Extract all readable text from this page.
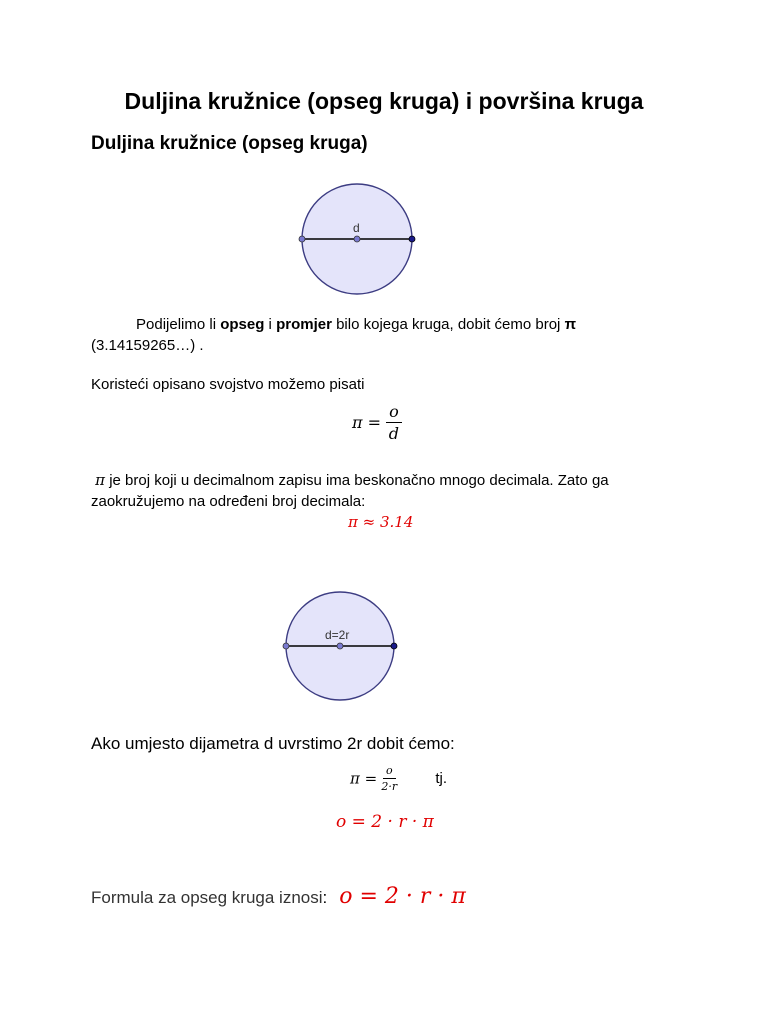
Duljina kružnice (opseg kruga) i površina kruga
Duljina kružnice (opseg kruga)
d
Podijelimo li opseg i promjer bilo kojega kruga, dobit ćemo broj π
(3.14159265…) .
Koristeći opisano svojstvo možemo pisati
$\pi = \frac{o}{d}$
π je broj koji u decimalnom zapisu ima beskonačno mnogo decimala. Zato ga
zaokružujemo na određeni broj decimala:
π ≈ 3.14
d=2r
Ako umjesto dijametra d uvrstimo 2r dobit ćemo:
$\pi = \frac{o}{2\cdot r}$	tj.
o = 2 · r · π
Formula za opseg kruga iznosi: o = 2 · r · π
